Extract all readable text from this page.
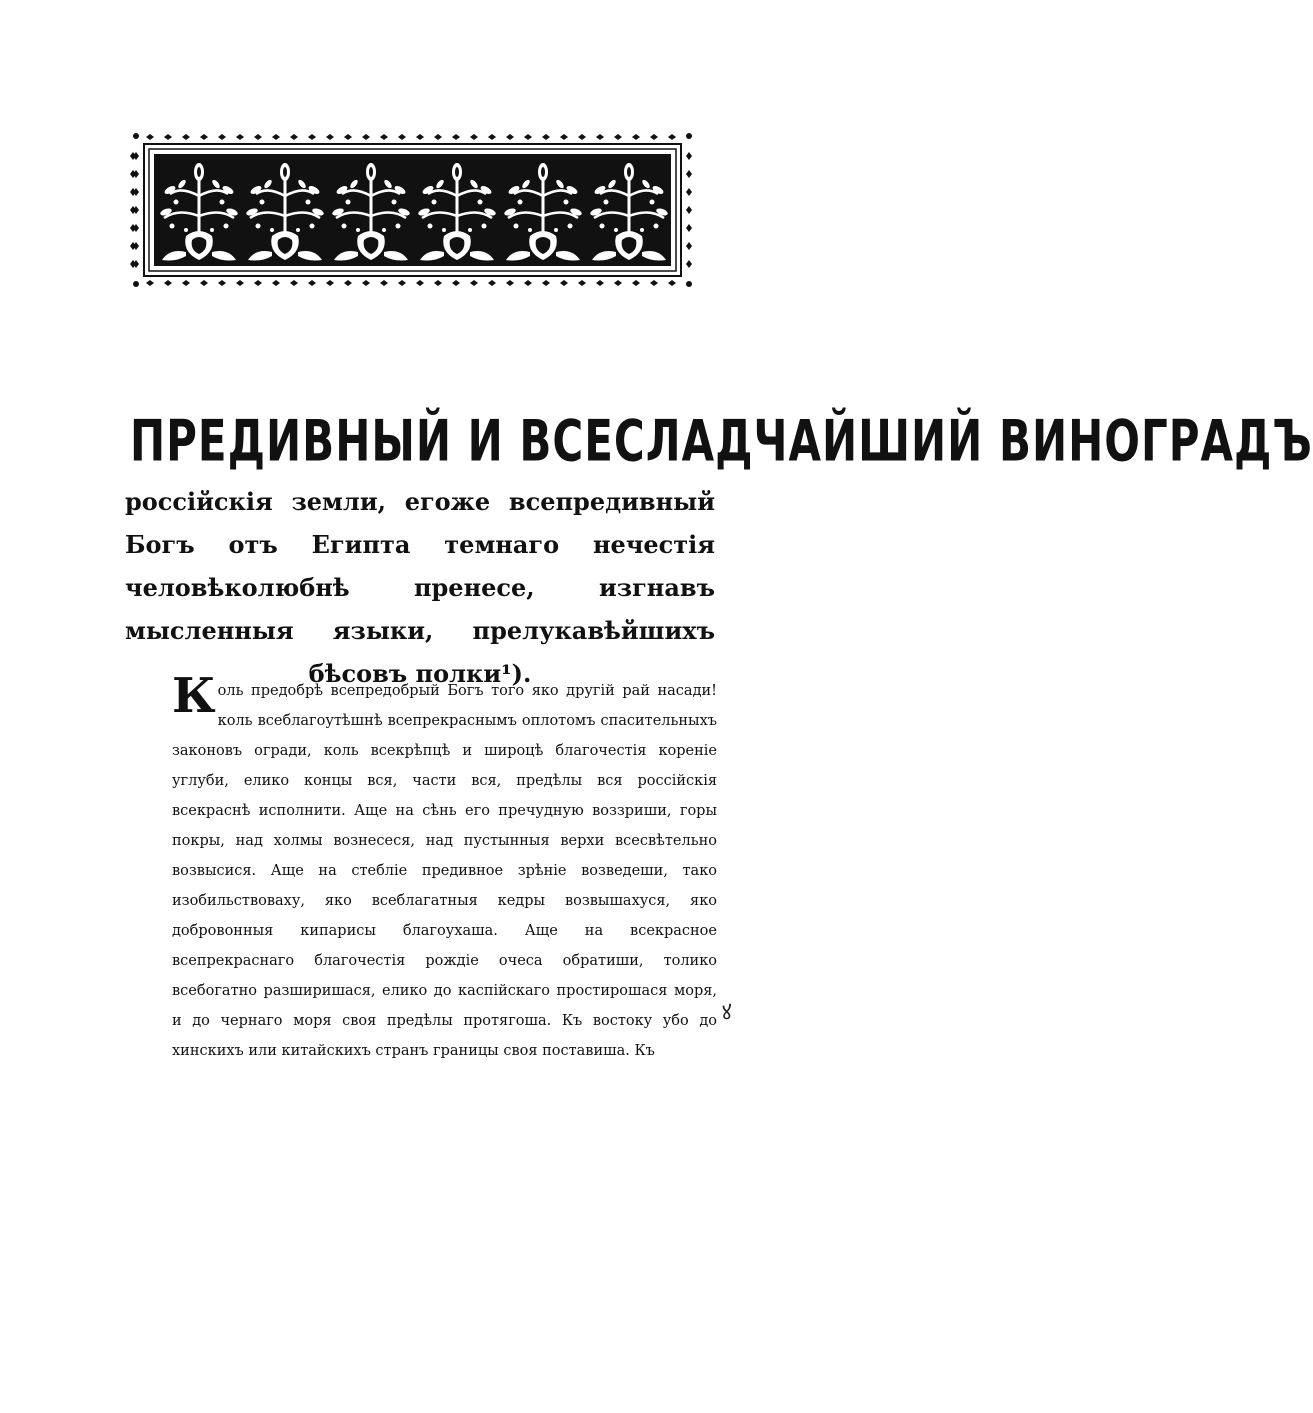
ПРЕДИВНЫЙ И ВСЕСЛАДЧАЙШИЙ ВИНОГРАДЪ

россійскія земли, егоже всепредивный Богъ отъ Египта темнаго нечестія человѣколюбнѣ пренесе, изгнавъ мысленныя языки, прелукавѣйшихъ бѣсовъ полки¹).

Коль предобрѣ всепредобрый Богъ того яко другій рай насади! коль всеблагоутѣшнѣ всепрекраснымъ оплотомъ спасительныхъ законовъ огради, коль всекрѣпцѣ и широцѣ благочестія кореніе углуби, елико концы вся, части вся, предѣлы вся россійскія всекраснѣ исполнити. Аще на сѣнь его пречудную воззриши, горы покры, над холмы вознесеся, над пустынныя верхи всесвѣтельно возвысися. Аще на стебліе предивное зрѣніе возведеши, тако изобильствоваху, яко всеблагатныя кедры возвышахуся, яко добровонныя кипарисы благоухаша. Аще на всекрасное всепрекраснаго благочестія рождіе очеса обратиши, толико всебогатно разширишася, елико до каспійскаго простирошася моря, и до чернаго моря своя предѣлы протягоша. Къ востоку убо до хинскихъ или китайскихъ странъ границы своя поставиша. Къ

ꙋ
